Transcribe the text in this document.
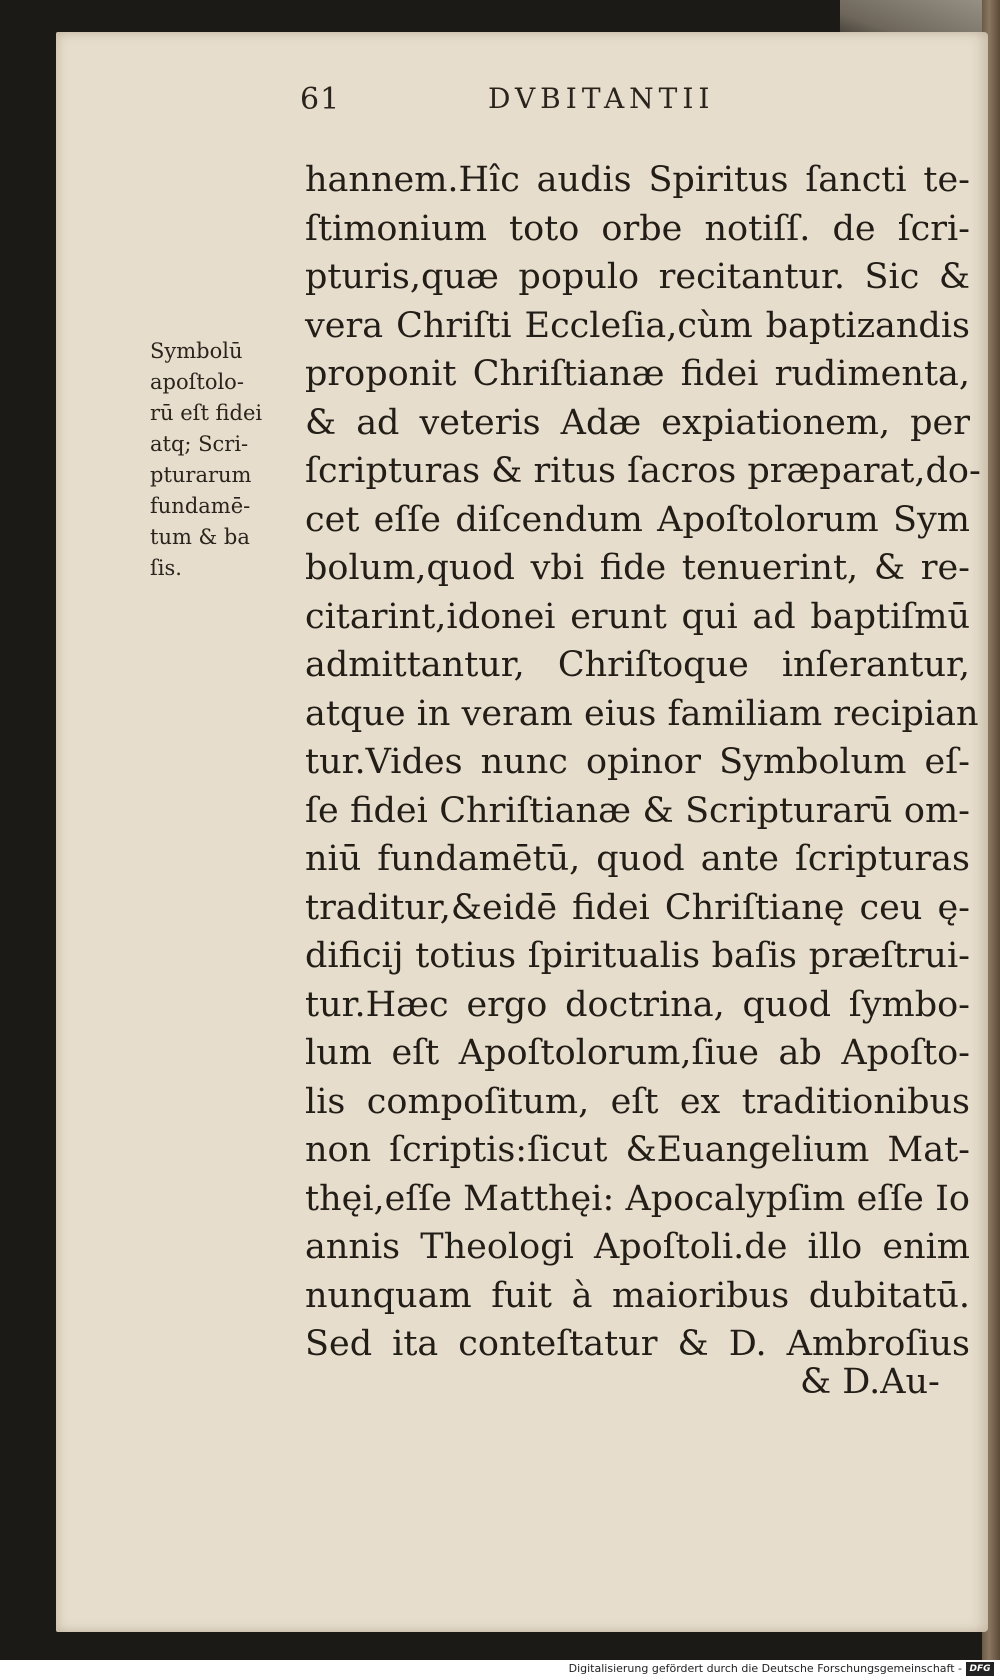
61	DVBITANTII
Symbolū
apoſtolo-
rū eſt fidei
atq; Scri-
pturarum
fundamē-
tum & ba
ſis.
hannem.Hîc audis Spiritus ſancti te-
ſtimonium toto orbe notiſſ. de ſcri-
pturis,quæ populo recitantur. Sic &
vera Chriſti Eccleſia,cùm baptizandis
proponit Chriſtianæ fidei rudimenta,
& ad veteris Adæ expiationem, per
ſcripturas & ritus ſacros præparat,do-
cet eſſe diſcendum Apoſtolorum Sym
bolum,quod vbi fide tenuerint, & re-
citarint,idonei erunt qui ad baptiſmū
admittantur, Chriſtoque inſerantur,
atque in veram eius familiam recipian
tur.Vides nunc opinor Symbolum eſ-
ſe fidei Chriſtianæ & Scripturarū om-
niū fundamētū, quod ante ſcripturas
traditur,&eidē fidei Chriſtianę ceu ę-
dificij totius ſpiritualis baſis præſtrui-
tur.Hæc ergo doctrina, quod ſymbo-
lum eſt Apoſtolorum,ſiue ab Apoſto-
lis compoſitum, eſt ex traditionibus
non ſcriptis:ſicut &Euangelium Mat-
thęi,eſſe Matthęi: Apocalypſim eſſe Io
annis Theologi Apoſtoli.de illo enim
nunquam fuit à maioribus dubitatū.
Sed ita conteſtatur & D. Ambroſius
& D.Au-
Digitalisierung gefördert durch die Deutsche Forschungsgemeinschaft - DFG
